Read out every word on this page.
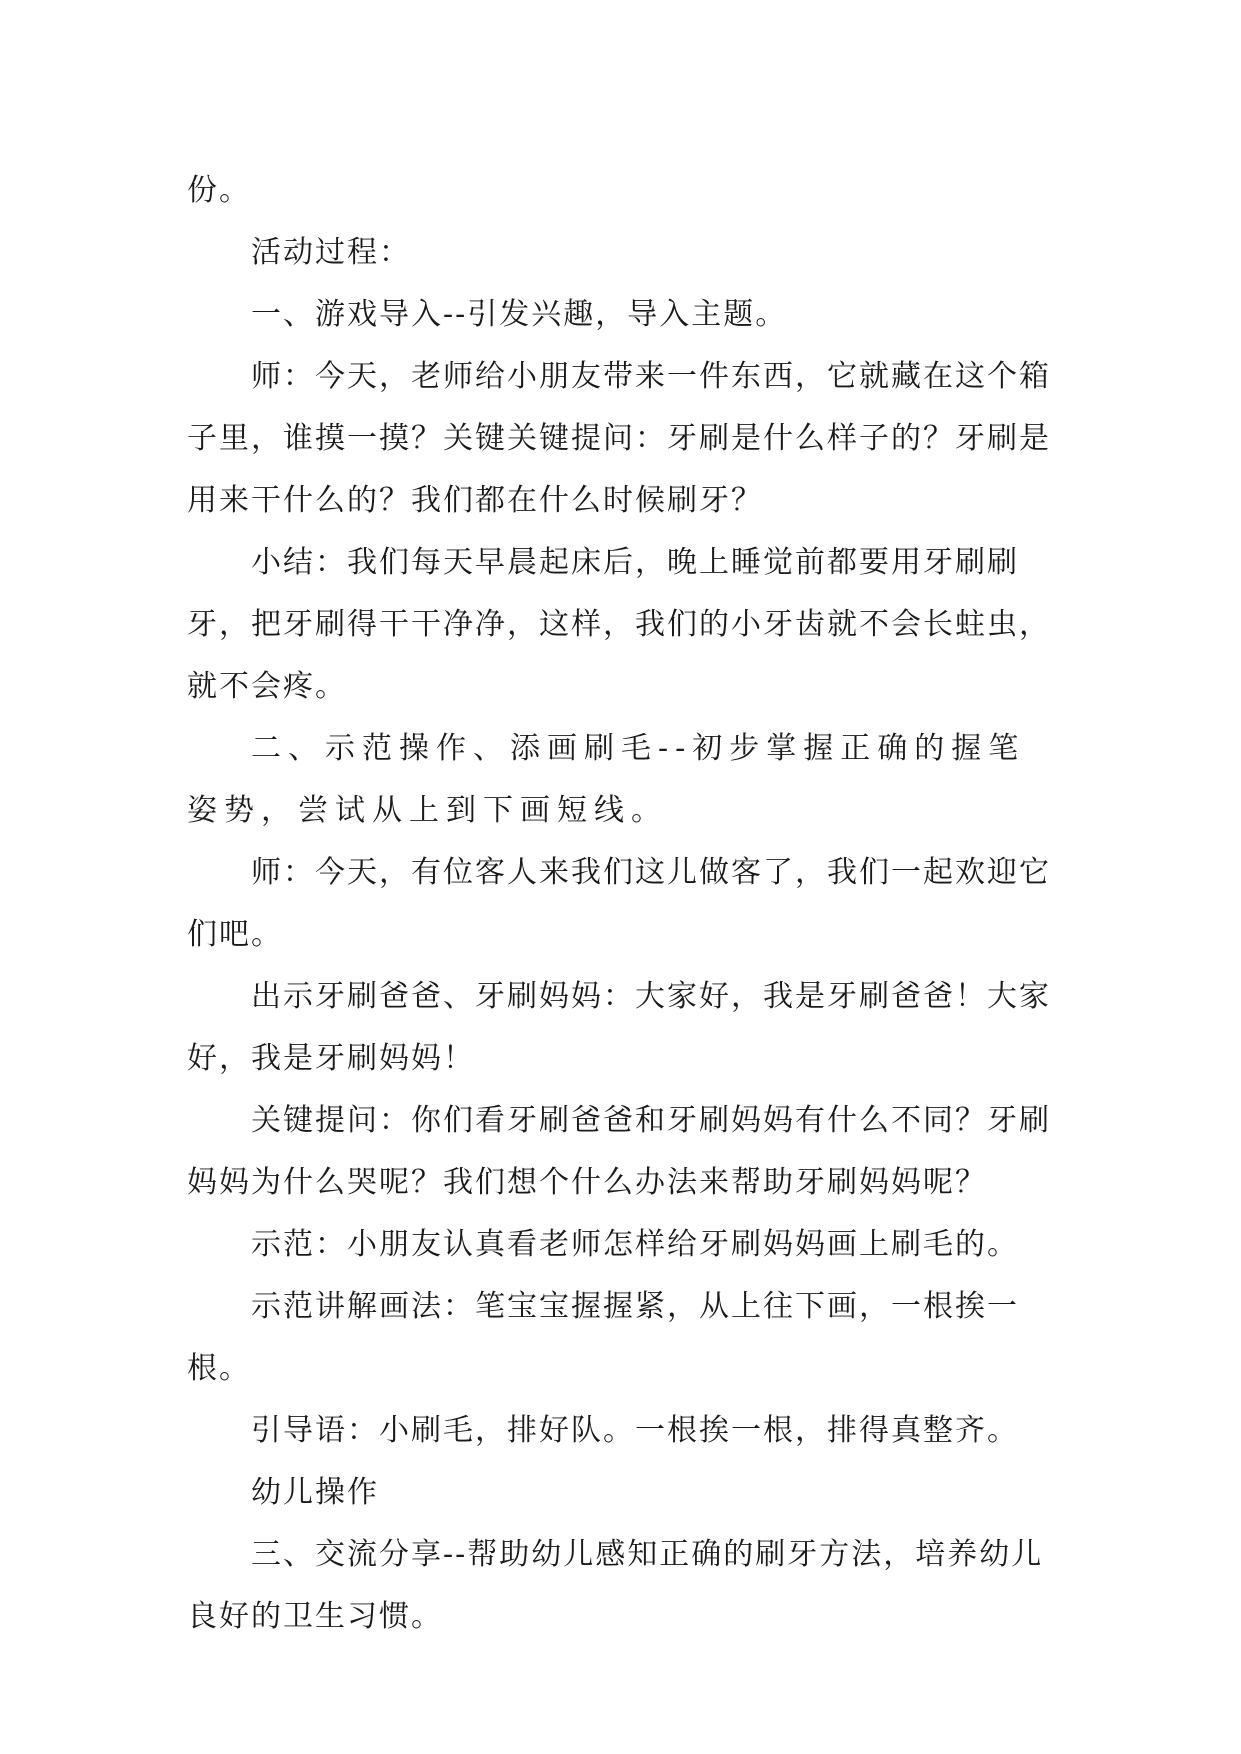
份。

活动过程：

一、游戏导入--引发兴趣，导入主题。

师：今天，老师给小朋友带来一件东西，它就藏在这个箱子里，谁摸一摸？关键关键提问：牙刷是什么样子的？牙刷是用来干什么的？我们都在什么时候刷牙？

小结：我们每天早晨起床后，晚上睡觉前都要用牙刷刷牙，把牙刷得干干净净，这样，我们的小牙齿就不会长蛀虫，就不会疼。

二、示范操作、添画刷毛--初步掌握正确的握笔姿势，尝试从上到下画短线。

师：今天，有位客人来我们这儿做客了，我们一起欢迎它们吧。

出示牙刷爸爸、牙刷妈妈：大家好，我是牙刷爸爸！大家好，我是牙刷妈妈！

关键提问：你们看牙刷爸爸和牙刷妈妈有什么不同？牙刷妈妈为什么哭呢？我们想个什么办法来帮助牙刷妈妈呢？

示范：小朋友认真看老师怎样给牙刷妈妈画上刷毛的。

示范讲解画法：笔宝宝握握紧，从上往下画，一根挨一根。

引导语：小刷毛，排好队。一根挨一根，排得真整齐。

幼儿操作

三、交流分享--帮助幼儿感知正确的刷牙方法，培养幼儿良好的卫生习惯。
